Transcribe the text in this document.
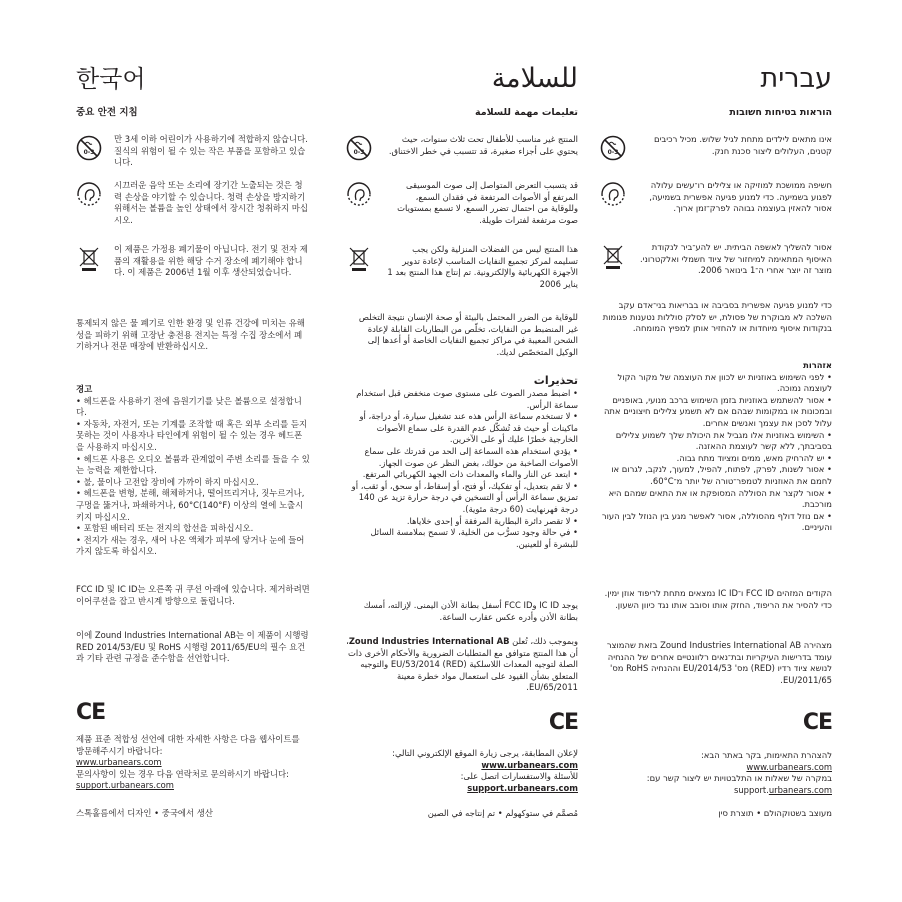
한국어
중요 안전 지침
0-3
만 3세 이하 어린이가 사용하기에 적합하지 않습니다. 질식의 위험이 될 수 있는 작은 부품을 포함하고 있습니다.
시끄러운 음악 또는 소리에 장기간 노출되는 것은 청력 손상을 야기할 수 있습니다. 청력 손상을 방지하기 위해서는 볼륨을 높인 상태에서 장시간 청취하지 마십시오.
이 제품은 가정용 폐기물이 아닙니다. 전기 및 전자 제품의 재활용을 위한 해당 수거 장소에 폐기해야 합니다. 이 제품은 2006년 1월 이후 생산되었습니다.

통제되지 않은 물 폐기로 인한 환경 및 인류 건강에 미치는 유해성을 피하기 위해 고장난 충전용 전지는 특정 수집 장소에서 폐기하거나 전문 매장에 반환하십시오.

경고

• 헤드폰을 사용하기 전에 음원기기를 낮은 볼륨으로 설정합니다.
• 자동차, 자전거, 또는 기계를 조작할 때 혹은 외부 소리를 듣지 못하는 것이 사용자나 타인에게 위험이 될 수 있는 경우 헤드폰을 사용하지 마십시오.
• 헤드폰 사용은 오디오 볼륨과 관계없이 주변 소리를 들을 수 있는 능력을 제한합니다.
• 불, 물이나 고전압 장비에 가까이 하지 마십시오.
• 헤드폰을 변형, 분해, 해체하거나, 떨어뜨리거나, 짓누르거나, 구멍을 뚫거나, 파쇄하거나, 60°C(140°F) 이상의 열에 노출시키지 마십시오.
• 포함된 배터리 또는 전지의 합선을 피하십시오.
• 전지가 새는 경우, 새어 나온 액체가 피부에 닿거나 눈에 들어가지 않도록 하십시오.

FCC ID 및 IC ID는 오른쪽 귀 쿠션 아래에 있습니다. 제거하려면 이어쿠션을 잡고 반시계 방향으로 돌립니다.

이에 Zound Industries International AB는 이 제품이 시행령 RED 2014/53/EU 및 RoHS 시행령 2011/65/EU의 필수 요건과 기타 관련 규정을 준수함을 선언합니다.

CE

제품 표준 적합성 선언에 대한 자세한 사항은 다음 웹사이트를 방문해주시기 바랍니다:

www.urbanears.com

문의사항이 있는 경우 다음 연락처로 문의하시기 바랍니다: support.urbanears.com

스톡홀름에서 디자인 • 중국에서 생산

للسلامة
تعليمات مهمة للسلامة
0-3
المنتج غير مناسب للأطفال تحت ثلاث سنوات، حيث يحتوي على أجزاء صغيرة، قد تتسبب في خطر الاختناق.
قد يتسبب التعرض المتواصل إلى صوت الموسيقى المرتفع أو الأصوات المرتفعة في فقدان السمع، وللوقاية من احتمال تضرر السمع، لا تسمع بمستويات صوت مرتفعة لفترات طويلة.
هذا المنتج ليس من الفضلات المنزلية ولكن يجب تسليمه لمركز تجميع النفايات المناسب لإعادة تدوير الأجهزة الكهربائية والإلكترونية. تم إنتاج هذا المنتج بعد 1 يناير 2006

للوقاية من الضرر المحتمل بالبيئة أو صحة الإنسان نتيجة التخلص غير المنضبط من النفايات، تخلّص من البطاريات القابلة لإعادة الشحن المعيبة في مراكز تجميع النفايات الخاصة أو أعدها إلى الوكيل المتخصّص لديك.

تحذيرات

• اضبط مصدر الصوت على مستوى صوت منخفض قبل استخدام سماعة الرأس.
• لا تستخدم سماعة الرأس هذه عند تشغيل سيارة، أو دراجة، أو ماكينات أو حيث قد تُشكّل عدم القدرة على سماع الأصوات الخارجية خطرًا عليك أو على الآخرين.
• يؤدي استخدام هذه السماعة إلى الحد من قدرتك على سماع الأصوات الصاخبة من حولك، بغض النظر عن صوت الجهاز.
• ابتعد عن النار والماء والمعدات ذات الجهد الكهربائي المرتفع.
• لا تقم بتعديل، أو تفكيك، أو فتح، أو إسقاط، أو سحق، أو ثقب، أو تمزيق سماعة الرأس أو التسخين في درجة حرارة تزيد عن 140 درجة فهرنهايت (60 درجة مئوية).
• لا تقصر دائرة البطارية المرفقة أو إحدى خلاياها.
• في حالة وجود تسرُّب من الخلية، لا تسمح بملامسة السائل للبشرة أو للعينين.

يوجد IC ID وFCC ID أسفل بطانة الأذن اليمنى. لإزالته، أمسك بطانة الأذن وأدره عكس عقارب الساعة.

وبموجب ذلك، تُعلن Zound Industries International AB، أن هذا المنتج متوافق مع المتطلبات الضرورية والأحكام الأخرى ذات الصلة لتوجيه المعدات اللاسلكية (RED) EU/53/2014 والتوجيه المتعلق بشأن القيود على استعمال مواد خطرة معينة EU/65/2011.

CE

لإعلان المطابقة، يرجى زيارة الموقع الإلكتروني التالي:

www.urbanears.com

للأسئلة والاستفسارات اتصل على:

support.urbanears.com

مُصمَّم في ستوكهولم • تم إنتاجه في الصين

עברית
הוראות בטיחות חשובות
0-3
אינו מתאים לילדים מתחת לגיל שלוש. מכיל רכיבים קטנים, העלולים ליצור סכנת חנק.
חשיפה ממושכת למוזיקה או צלילים רו־עשים עלולה לפגוע בשמיעה. כדי למנוע פגיעה אפשרית בשמיעה, אסור להאזין בעוצמה גבוהה לפרק־זמן ארוך.
אסור להשליך לאשפה הביתית. יש להע־ביר לנקודת האיסוף המתאימה למיחזור של ציוד חשמלי ואלקטרוני. מוצר זה יוצר אחרי ה־1 בינואר 2006.

כדי למנוע פגיעה אפשרית בסביבה או בבריאות בני־אדם עקב השלכה לא מבוקרת של פסולת, יש לסלק סוללות נטענות פגומות בנקודות איסוף מיוחדות או להחזיר אותן למפיץ המומחה.

אזהרות

• לפני השימוש באוזניות יש לכוון את העוצמה של מקור הקול לעוצמה נמוכה.
• אסור להשתמש באוזניות בזמן השימוש ברכב מנועי, באופניים ובמכונות או במקומות שבהם אם לא תשמע צלילים חיצוניים אתה עלול לסכן את עצמך ואנשים אחרים.
• השימוש באוזניות אלו מגביל את היכולת שלך לשמוע צלילים בסביבתך, ללא קשר לעוצמת ההאזנה.
• יש להרחיק מאש, ממים ומציוד מתח גבוה.
• אסור לשנות, לפרק, לפתוח, להפיל, למעוך, לנקב, לגרום או לחמם את האוזניות לטמפר־טורה של יותר מ־60°C.
• אסור לקצר את הסוללה המסופקת או את התאים שמהם היא מורכבת.
• אם נוזל דולף מהסוללה, אסור לאפשר מגע בין הנוזל לבין העור והעיניים.

הקודים המזהים FCC ID ו־IC ID נמצאים מתחת לריפוד אוזן ימין. כדי להסיר את הריפוד, החזק אותו וסובב אותו נגד כיוון השעון.

מצהירה Zound Industries International AB בזאת שהמוצר עומד בדרישות העיקריות ובת־נאים רלוונטיים אחרים של ההנחיה לנושא ציוד רדיו (RED) מס' EU/2014/53 וההנחיה RoHS מס' EU/2011/65.

CE

להצהרת התאימות, בקר באתר הבא:

www.urbanears.com

במקרה של שאלות או התלבטויות יש ליצור קשר עם: support.urbanears.com

מעוצב בשטוקהולם • תוצרת סין
